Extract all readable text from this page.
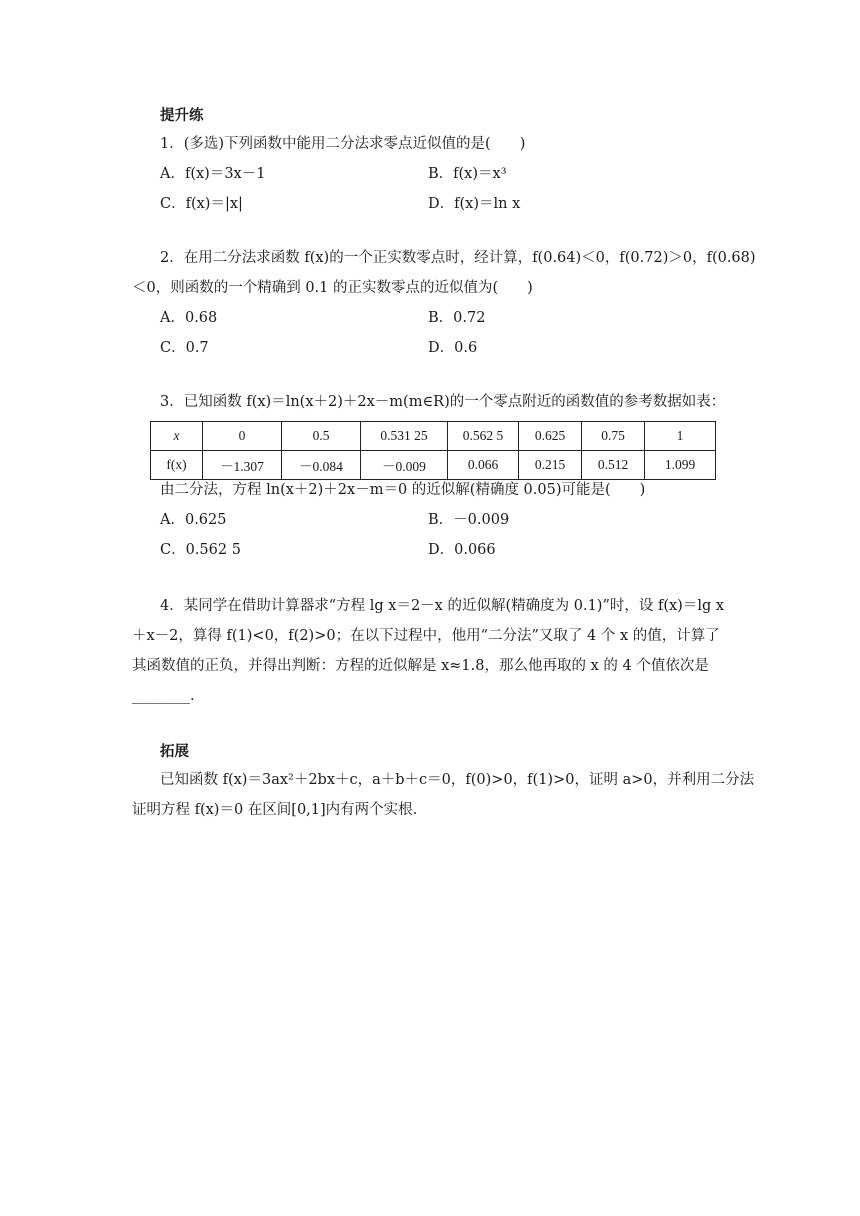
提升练
1．(多选)下列函数中能用二分法求零点近似值的是(　　)
A．f(x)＝3x－1	B．f(x)＝x³
C．f(x)＝|x|	D．f(x)＝ln x
2．在用二分法求函数 f(x)的一个正实数零点时，经计算，f(0.64)＜0，f(0.72)＞0，f(0.68)
＜0，则函数的一个精确到 0.1 的正实数零点的近似值为(　　)
A．0.68	B．0.72
C．0.7	D．0.6
3．已知函数 f(x)＝ln(x＋2)＋2x－m(m∈R)的一个零点附近的函数值的参考数据如表：
x	0	0.5	0.531 25	0.562 5	0.625	0.75	1
f(x)	－1.307	－0.084	－0.009	0.066	0.215	0.512	1.099
由二分法，方程 ln(x＋2)＋2x－m＝0 的近似解(精确度 0.05)可能是(　　)
A．0.625	B．－0.009
C．0.562 5	D．0.066
4．某同学在借助计算器求“方程 lg x＝2－x 的近似解(精确度为 0.1)”时，设 f(x)＝lg x
＋x－2，算得 f(1)<0，f(2)>0；在以下过程中，他用“二分法”又取了 4 个 x 的值，计算了
其函数值的正负，并得出判断：方程的近似解是 x≈1.8，那么他再取的 x 的 4 个值依次是
________.
拓展
已知函数 f(x)＝3ax²＋2bx＋c，a＋b＋c＝0，f(0)>0，f(1)>0，证明 a>0，并利用二分法
证明方程 f(x)＝0 在区间[0,1]内有两个实根.
